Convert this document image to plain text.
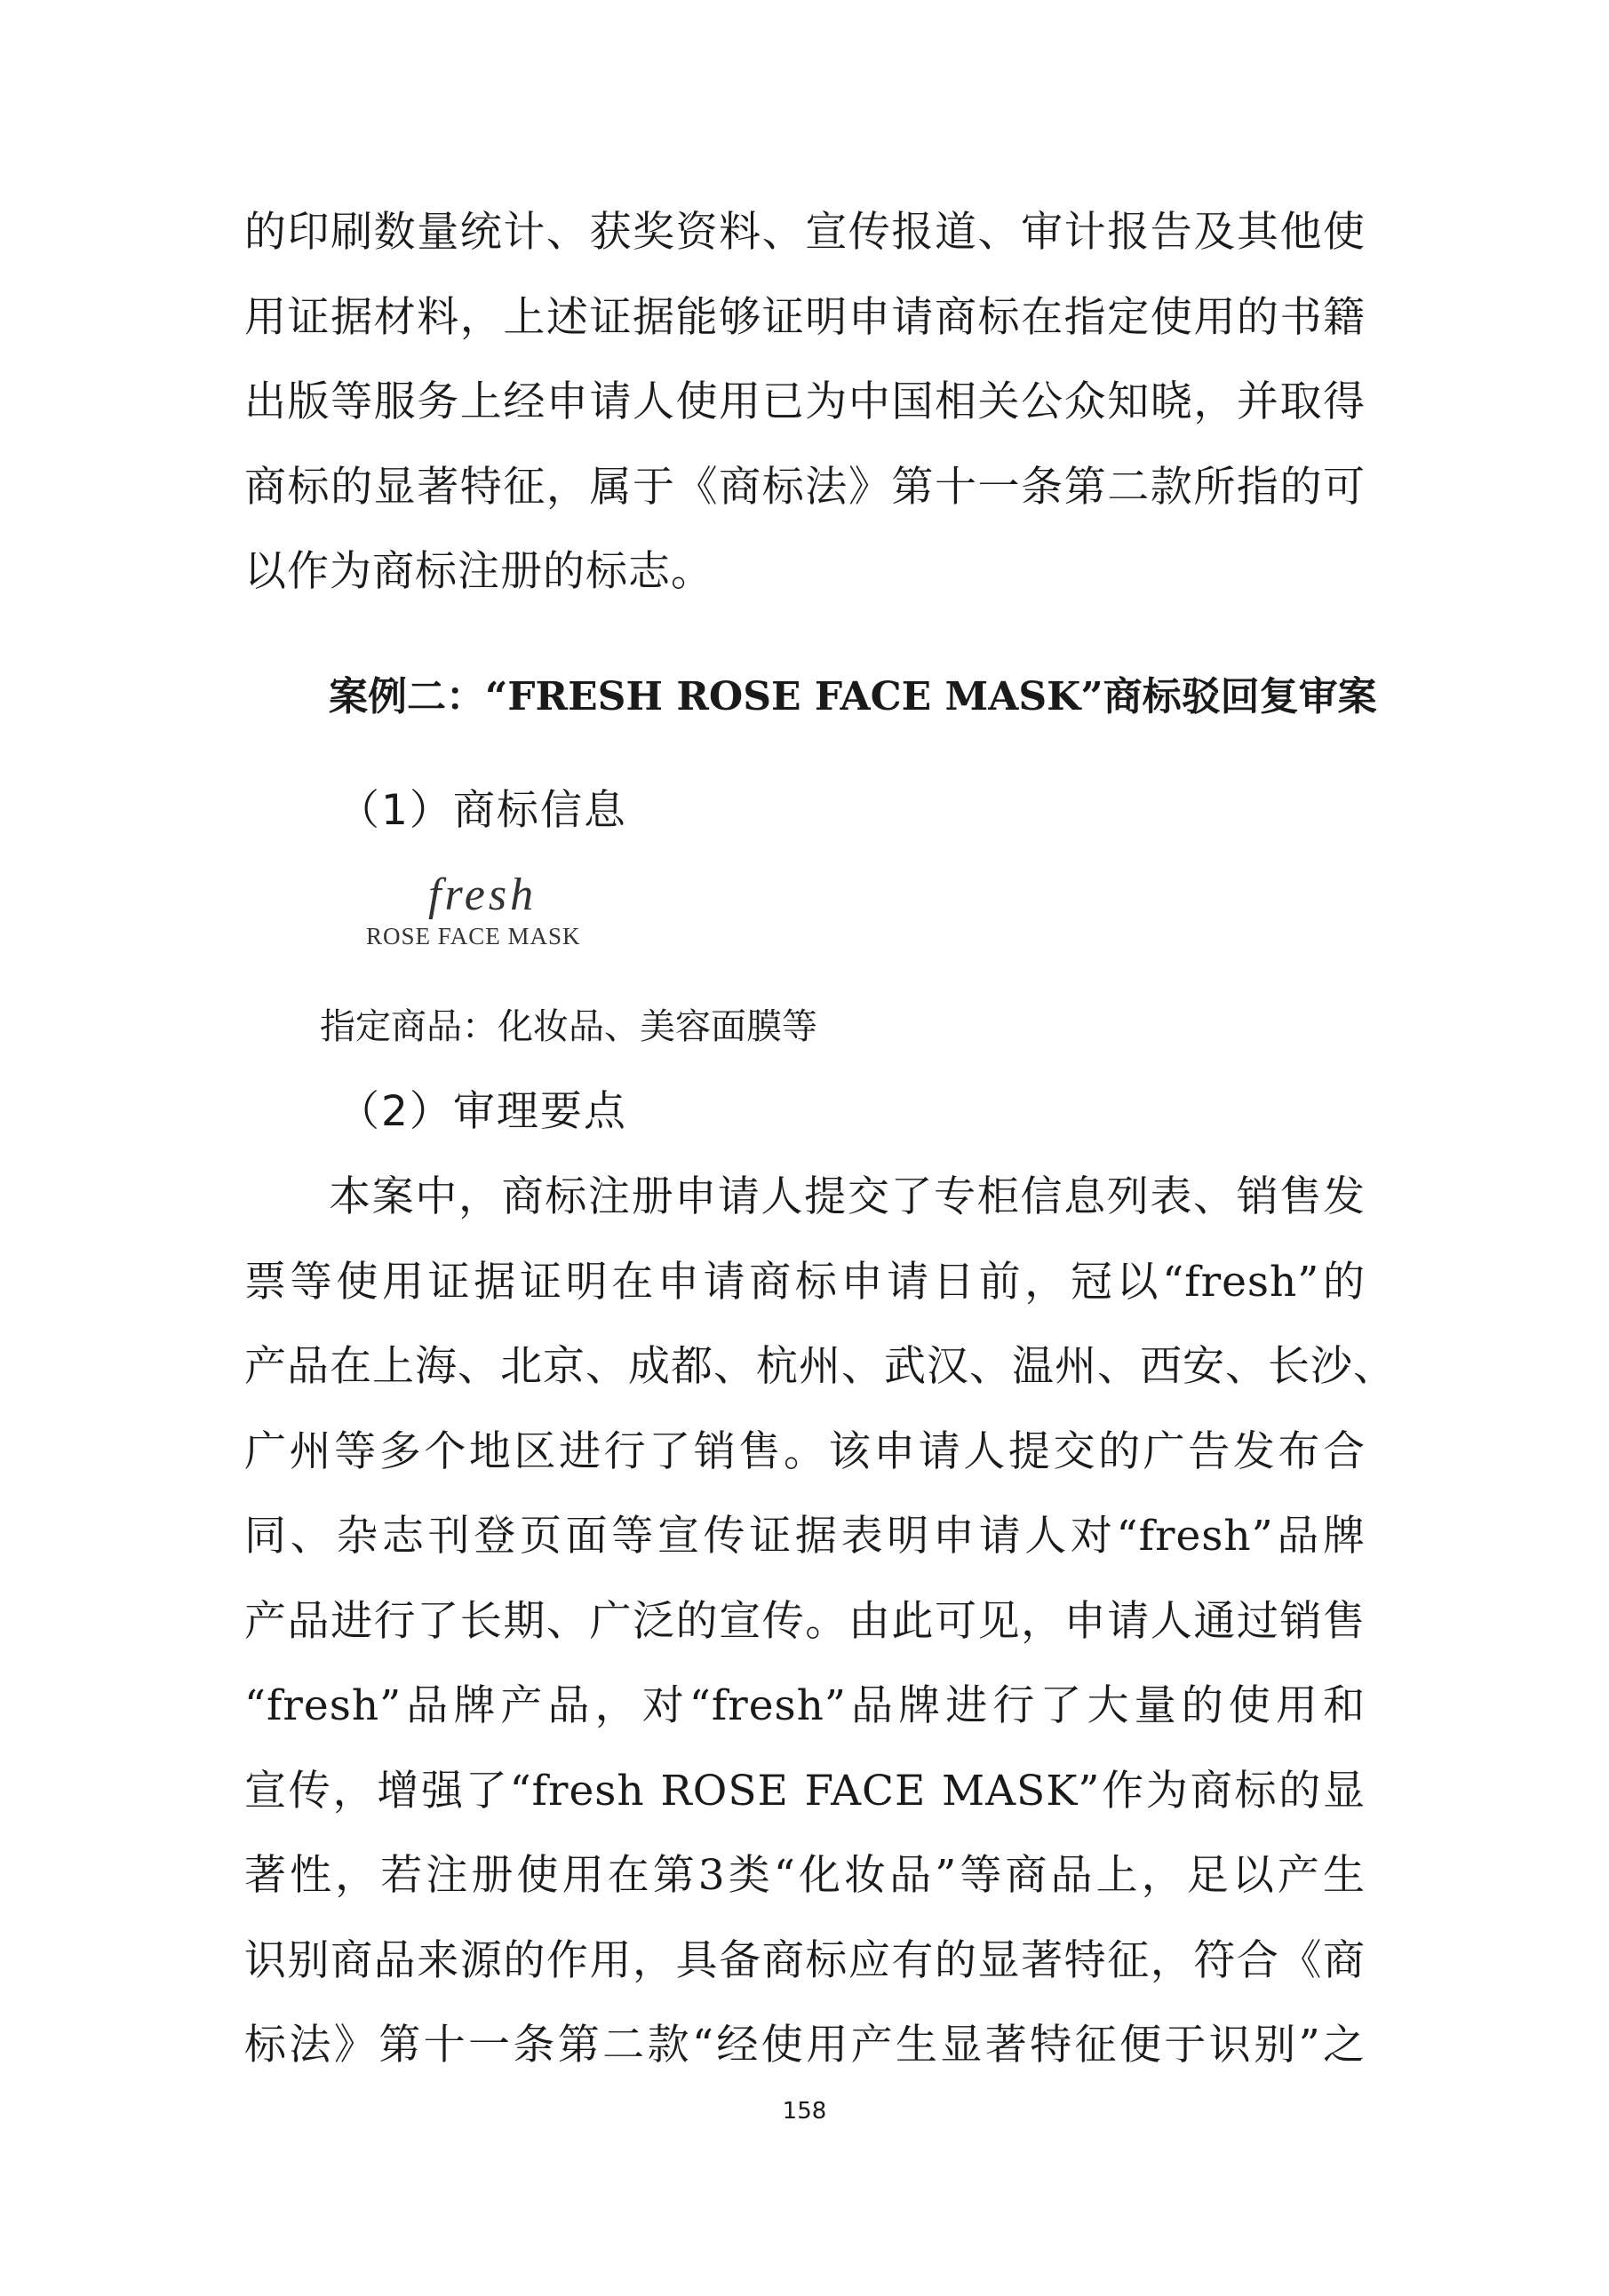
的印刷数量统计、获奖资料、宣传报道、审计报告及其他使
用证据材料，上述证据能够证明申请商标在指定使用的书籍
出版等服务上经申请人使用已为中国相关公众知晓，并取得
商标的显著特征，属于《商标法》第十一条第二款所指的可
以作为商标注册的标志。
案例二：“FRESH ROSE FACE MASK”商标驳回复审案
（1）商标信息
fresh
ROSE FACE MASK
指定商品：化妆品、美容面膜等
（2）审理要点
本案中，商标注册申请人提交了专柜信息列表、销售发
票等使用证据证明在申请商标申请日前，冠以“fresh”的
产品在上海、北京、成都、杭州、武汉、温州、西安、长沙、
广州等多个地区进行了销售。该申请人提交的广告发布合
同、杂志刊登页面等宣传证据表明申请人对“fresh”品牌
产品进行了长期、广泛的宣传。由此可见，申请人通过销售
“fresh”品牌产品，对“fresh”品牌进行了大量的使用和
宣传，增强了“fresh ROSE FACE MASK”作为商标的显
著性，若注册使用在第3类“化妆品”等商品上，足以产生
识别商品来源的作用，具备商标应有的显著特征，符合《商
标法》第十一条第二款“经使用产生显著特征便于识别”之
158
